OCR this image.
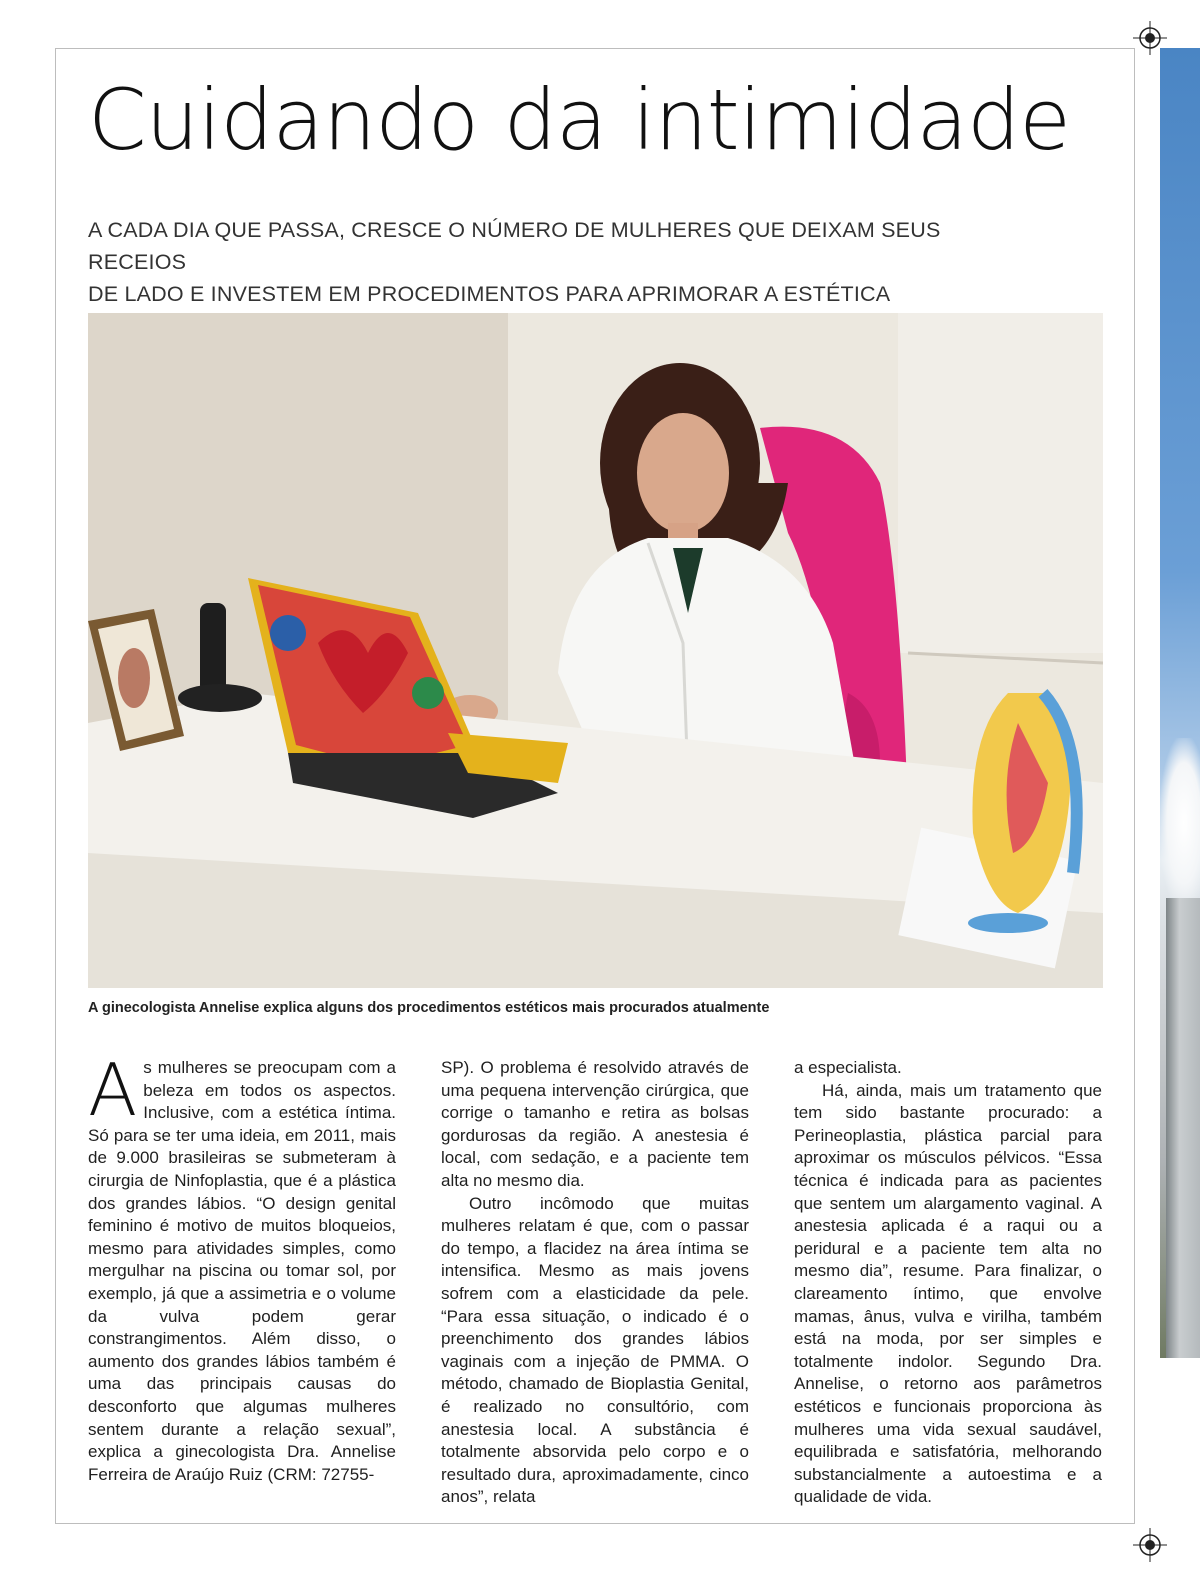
Cuidando da intimidade
A CADA DIA QUE PASSA, CRESCE O NÚMERO DE MULHERES QUE DEIXAM SEUS RECEIOS
DE LADO E INVESTEM EM PROCEDIMENTOS PARA APRIMORAR A ESTÉTICA
A ginecologista Annelise explica alguns dos procedimentos estéticos mais procurados atualmente

As mulheres se preocupam com a beleza em todos os aspectos. Inclusive, com a estética íntima. Só para se ter uma ideia, em 2011, mais de 9.000 brasileiras se submeteram à cirurgia de Ninfoplastia, que é a plástica dos grandes lábios. “O design genital feminino é motivo de muitos bloqueios, mesmo para atividades simples, como mergulhar na piscina ou tomar sol, por exemplo, já que a assimetria e o volume da vulva podem gerar constrangimentos. Além disso, o aumento dos grandes lábios também é uma das principais causas do desconforto que algumas mulheres sentem durante a relação sexual”, explica a ginecologista Dra. Annelise Ferreira de Araújo Ruiz (CRM: 72755-

SP). O problema é resolvido através de uma pequena intervenção cirúrgica, que corrige o tamanho e retira as bolsas gordurosas da região. A anestesia é local, com sedação, e a paciente tem alta no mesmo dia.

Outro incômodo que muitas mulheres relatam é que, com o passar do tempo, a flacidez na área íntima se intensifica. Mesmo as mais jovens sofrem com a elasticidade da pele. “Para essa situação, o indicado é o preenchimento dos grandes lábios vaginais com a injeção de PMMA. O método, chamado de Bioplastia Genital, é realizado no consultório, com anestesia local. A substância é totalmente absorvida pelo corpo e o resultado dura, aproximadamente, cinco anos”, relata

a especialista.

Há, ainda, mais um tratamento que tem sido bastante procurado: a Perineoplastia, plástica parcial para aproximar os músculos pélvicos. “Essa técnica é indicada para as pacientes que sentem um alargamento vaginal. A anestesia aplicada é a raqui ou a peridural e a paciente tem alta no mesmo dia”, resume. Para finalizar, o clareamento íntimo, que envolve mamas, ânus, vulva e virilha, também está na moda, por ser simples e totalmente indolor. Segundo Dra. Annelise, o retorno aos parâmetros estéticos e funcionais proporciona às mulheres uma vida sexual saudável, equilibrada e satisfatória, melhorando substancialmente a autoestima e a qualidade de vida.
